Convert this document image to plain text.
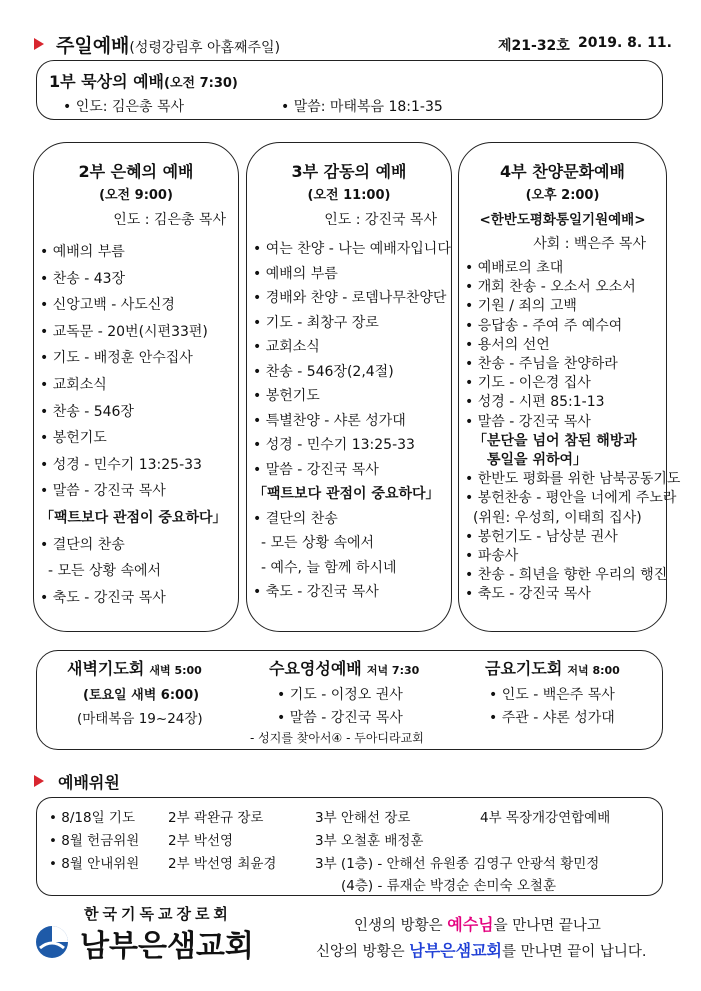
주일예배(성령강림후 아홉째주일)	제21-32호 2019. 8. 11.
1부 묵상의 예배(오전 7:30)
• 인도: 김은총 목사	• 말씀: 마태복음 18:1-35
2부 은혜의 예배
(오전 9:00)
인도 : 김은총 목사
• 예배의 부름
• 찬송 - 43장
• 신앙고백 - 사도신경
• 교독문 - 20번(시편33편)
• 기도 - 배정훈 안수집사
• 교회소식
• 찬송 - 546장
• 봉헌기도
• 성경 - 민수기 13:25-33
• 말씀 - 강진국 목사
「팩트보다 관점이 중요하다」
• 결단의 찬송
- 모든 상황 속에서
• 축도 - 강진국 목사
3부 감동의 예배
(오전 11:00)
인도 : 강진국 목사
• 여는 찬양 - 나는 예배자입니다
• 예배의 부름
• 경배와 찬양 - 로뎀나무찬양단
• 기도 - 최창구 장로
• 교회소식
• 찬송 - 546장(2,4절)
• 봉헌기도
• 특별찬양 - 샤론 성가대
• 성경 - 민수기 13:25-33
• 말씀 - 강진국 목사
「팩트보다 관점이 중요하다」
• 결단의 찬송
- 모든 상황 속에서
- 예수, 늘 함께 하시네
• 축도 - 강진국 목사
4부 찬양문화예배
(오후 2:00)
<한반도평화통일기원예배>
사회 : 백은주 목사
• 예배로의 초대
• 개회 찬송 - 오소서 오소서
• 기원 / 죄의 고백
• 응답송 - 주여 주 예수여
• 용서의 선언
• 찬송 - 주님을 찬양하라
• 기도 - 이은경 집사
• 성경 - 시편 85:1-13
• 말씀 - 강진국 목사
「분단을 넘어 참된 해방과
통일을 위하여」
• 한반도 평화를 위한 남북공동기도
• 봉헌찬송 - 평안을 너에게 주노라
(위원: 우성희, 이태희 집사)
• 봉헌기도 - 남상분 권사
• 파송사
• 찬송 - 희년을 향한 우리의 행진
• 축도 - 강진국 목사
새벽기도회 새벽 5:00
(토요일 새벽 6:00)
(마태복음 19~24장)
수요영성예배 저녁 7:30
• 기도 - 이정오 권사
• 말씀 - 강진국 목사
- 성지를 찾아서④ - 두아디라교회
금요기도회 저녁 8:00
• 인도 - 백은주 목사
• 주관 - 샤론 성가대
예배위원
• 8/18일 기도 2부 곽완규 장로	3부 안해선 장로	4부 목장개강연합예배
• 8월 헌금위원 2부 박선영	3부 오철훈 배정훈
• 8월 안내위원 2부 박선영 최윤경	3부 (1층) - 안해선 유원종 김영구 안광석 황민정
(4층) - 류재순 박경순 손미숙 오철훈
한국기독교장로회
남부은샘교회
인생의 방황은 예수님을 만나면 끝나고
신앙의 방황은 남부은샘교회를 만나면 끝이 납니다.
